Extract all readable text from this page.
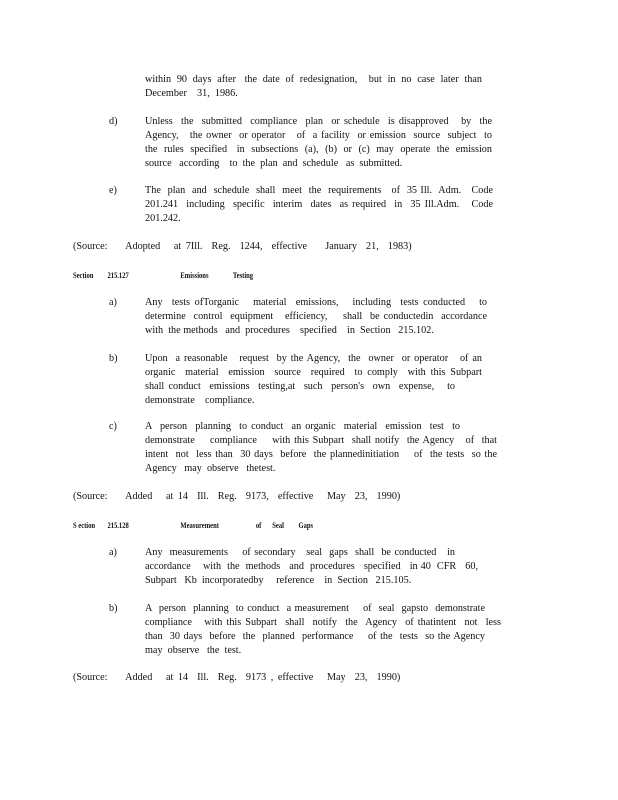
within  90  days  after   the  date  of  redesignation,    but  in  no  case  later  than
December    31,  1986.
d)	Unless  the  submitted  compliance  plan  or schedule  is disapproved   by  the
Agency,   the owner  or operator   of  a facility  or emission  source  subject  to
the  rules  specified   in  subsections  (a),  (b)  or  (c)  may  operate  the  emission
source   according    to  the  plan  and  schedule   as  submitted.
e)	The  plan  and  schedule  shall  meet  the  requirements   of  35 Ill.  Adm.   Code
201.241  including  specific  interim  dates  as required  in  35 Ill.Adm.   Code
201.242.
(Source:    Adopted   at 7Ill.  Reg.  1244,  effective    January  21,  1983)
Section 215.127	Emissions	Testing
a)	Any  tests ofTorganic   material  emissions,   including  tests conducted   to
determine  control  equipment   efficiency,    shall  be conductedin  accordance
with  the methods   and  procedures    specified    in  Section   215.102.
b)	Upon  a reasonable   request  by the Agency,  the  owner  or operator   of an
organic  material  emission  source  required  to comply  with this Subpart
shall conduct  emissions  testing,at  such  person's  own  expense,   to
demonstrate    compliance.
c)	A  person  planning  to conduct  an organic  material  emission  test  to
demonstrate    compliance    with this Subpart  shall notify  the Agency   of  that
intent  not  less than  30 days  before  the plannedinitiation    of  the tests  so the
Agency   may  observe   thetest.
(Source:    Added   at 14  Ill.  Reg.  9173,  effective   May  23,  1990)
S ection 215.128	Measurement	of Seal Gaps
a)	Any  measurements    of secondary   seal  gaps  shall  be conducted   in
accordance    with  the  methods   and  procedures   specified   in 40  CFR   60,
Subpart   Kb  incorporatedby     reference    in  Section   215.105.
b)	A  person  planning  to conduct  a measurement    of  seal  gapsto  demonstrate
compliance   with this Subpart  shall  notify  the  Agency  of thatintent  not  less
than  30 days  before  the  planned  performance    of the  tests  so the Agency
may  observe   the  test.
(Source:    Added   at 14  Ill.  Reg.  9173 , effective   May  23,  1990)
